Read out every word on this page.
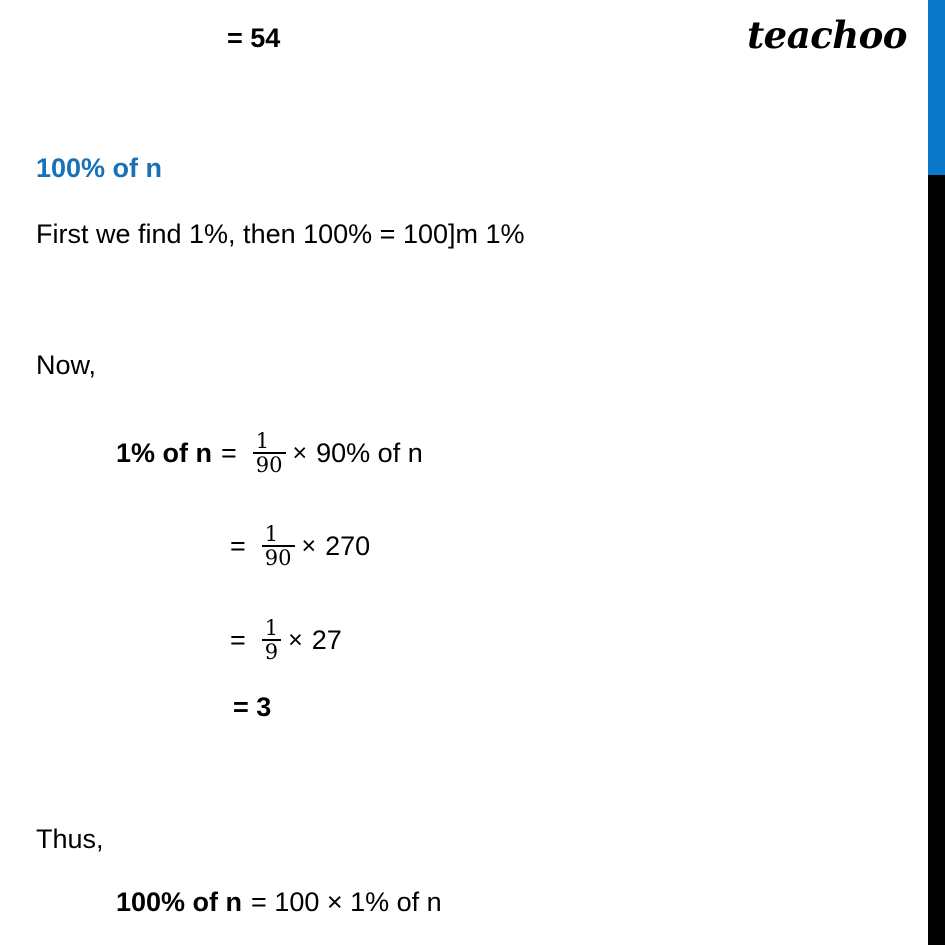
teachoo
= 54
100% of n
First we find 1%, then 100% = 100]m 1%
Now,
1% of $n = \frac{1}{90} \times 90\%$ of n
= $\frac{1}{90} \times 270$
= $\frac{1}{9} \times 27$
= 3
Thus,
100% of n = 100 × 1% of n
